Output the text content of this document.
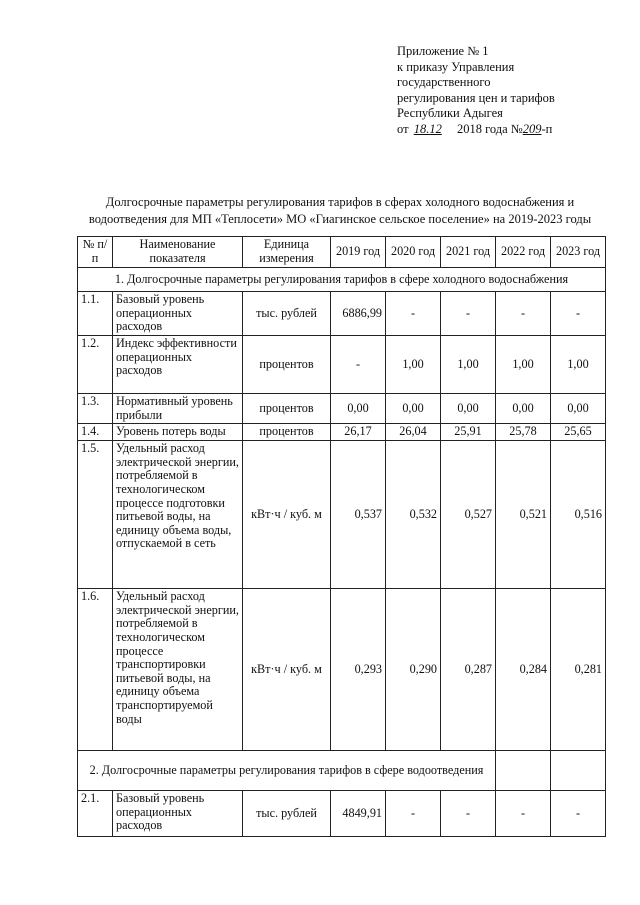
Приложение № 1
к приказу Управления
государственного
регулирования цен и тарифов
Республики Адыгея
от 18.12 2018 года №209-п
Долгосрочные параметры регулирования тарифов в сферах холодного водоснабжения и водоотведения для МП «Теплосети» МО «Гиагинское сельское поселение» на 2019-2023 годы
№ п/п	Наименование показателя	Единица измерения	2019 год	2020 год	2021 год	2022 год	2023 год
1. Долгосрочные параметры регулирования тарифов в сфере холодного водоснабжения							
1.1.	Базовый уровень операционных расходов	тыс. рублей	6886,99	-	-	-	-
1.2.	Индекс эффективности операционных расходов	процентов	-	1,00	1,00	1,00	1,00
1.3.	Нормативный уровень прибыли	процентов	0,00	0,00	0,00	0,00	0,00
1.4.	Уровень потерь воды	процентов	26,17	26,04	25,91	25,78	25,65
1.5.	Удельный расход электрической энергии, потребляемой в технологическом процессе подготовки питьевой воды, на единицу объема воды, отпускаемой в сеть	кВт·ч / куб. м	0,537	0,532	0,527	0,521	0,516
1.6.	Удельный расход электрической энергии, потребляемой в технологическом процессе транспортировки питьевой воды, на единицу объема транспортируемой воды	кВт·ч / куб. м	0,293	0,290	0,287	0,284	0,281
2. Долгосрочные параметры регулирования тарифов в сфере водоотведения							
2.1.	Базовый уровень операционных расходов	тыс. рублей	4849,91	-	-	-	-
